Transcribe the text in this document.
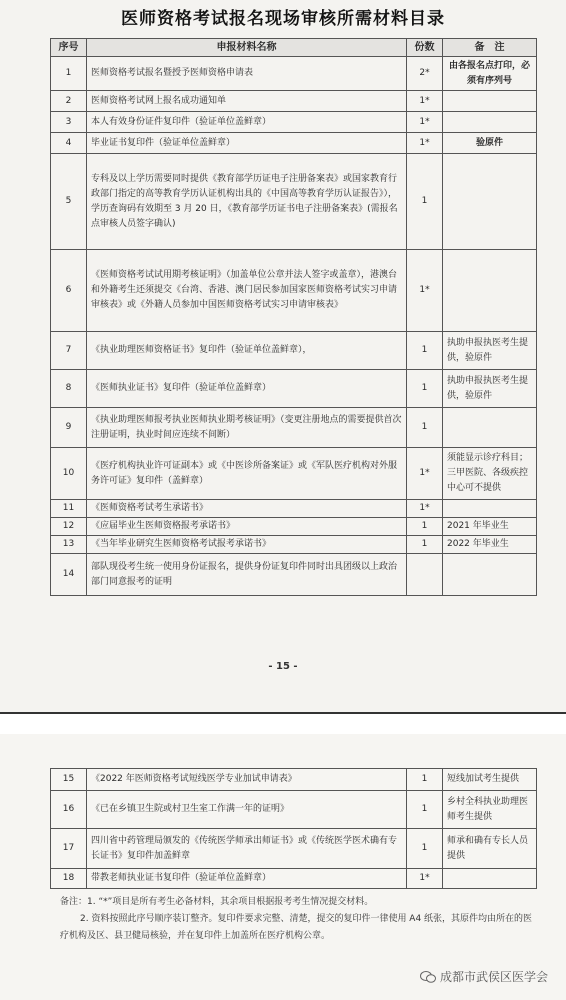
医师资格考试报名现场审核所需材料目录
序号	申报材料名称	份数	备　注
1	医师资格考试报名暨授予医师资格申请表	2*	由各报名点打印，必须有序列号
2	医师资格考试网上报名成功通知单	1*	
3	本人有效身份证件复印件（验证单位盖鲜章）	1*	
4	毕业证书复印件（验证单位盖鲜章）	1*	验原件
5	专科及以上学历需要同时提供《教育部学历证电子注册备案表》或国家教育行政部门指定的高等教育学历认证机构出具的《中国高等教育学历认证报告》），学历查询码有效期至 3 月 20 日，《教育部学历证书电子注册备案表》(需报名点审核人员签字确认)	1	
6	《医师资格考试试用期考核证明》（加盖单位公章并法人签字或盖章），港澳台和外籍考生还须提交《台湾、香港、澳门居民参加国家医师资格考试实习申请审核表》或《外籍人员参加中国医师资格考试实习申请审核表》	1*	
7	《执业助理医师资格证书》复印件（验证单位盖鲜章），	1	执助申报执医考生提供，验原件
8	《医师执业证书》复印件（验证单位盖鲜章）	1	执助申报执医考生提供，验原件
9	《执业助理医师报考执业医师执业期考核证明》（变更注册地点的需要提供首次注册证明，执业时间应连续不间断）	1	
10	《医疗机构执业许可证副本》或《中医诊所备案证》或《军队医疗机构对外服务许可证》复印件（盖鲜章）	1*	须能显示诊疗科目；三甲医院、各级疾控中心可不提供
11	《医师资格考试考生承诺书》	1*	
12	《应届毕业生医师资格报考承诺书》	1	2021 年毕业生
13	《当年毕业研究生医师资格考试报考承诺书》	1	2022 年毕业生
14	部队现役考生统一使用身份证报名，提供身份证复印件同时出具团级以上政治部门同意报考的证明		
- 15 -
15	《2022 年医师资格考试短线医学专业加试申请表》	1	短线加试考生提供
16	《已在乡镇卫生院或村卫生室工作满一年的证明》	1	乡村全科执业助理医师考生提供
17	四川省中药管理局颁发的《传统医学师承出师证书》或《传统医学医术确有专长证书》复印件加盖鲜章	1	师承和确有专长人员提供
18	带教老师执业证书复印件（验证单位盖鲜章）	1*	

备注：1. “*”项目是所有考生必备材料，其余项目根据报考考生情况提交材料。

2. 资料按照此序号顺序装订整齐。复印件要求完整、清楚，提交的复印件一律使用 A4 纸张，其原件均由所在的医疗机构及区、县卫健局核验，并在复印件上加盖所在医疗机构公章。

成都市武侯区医学会
